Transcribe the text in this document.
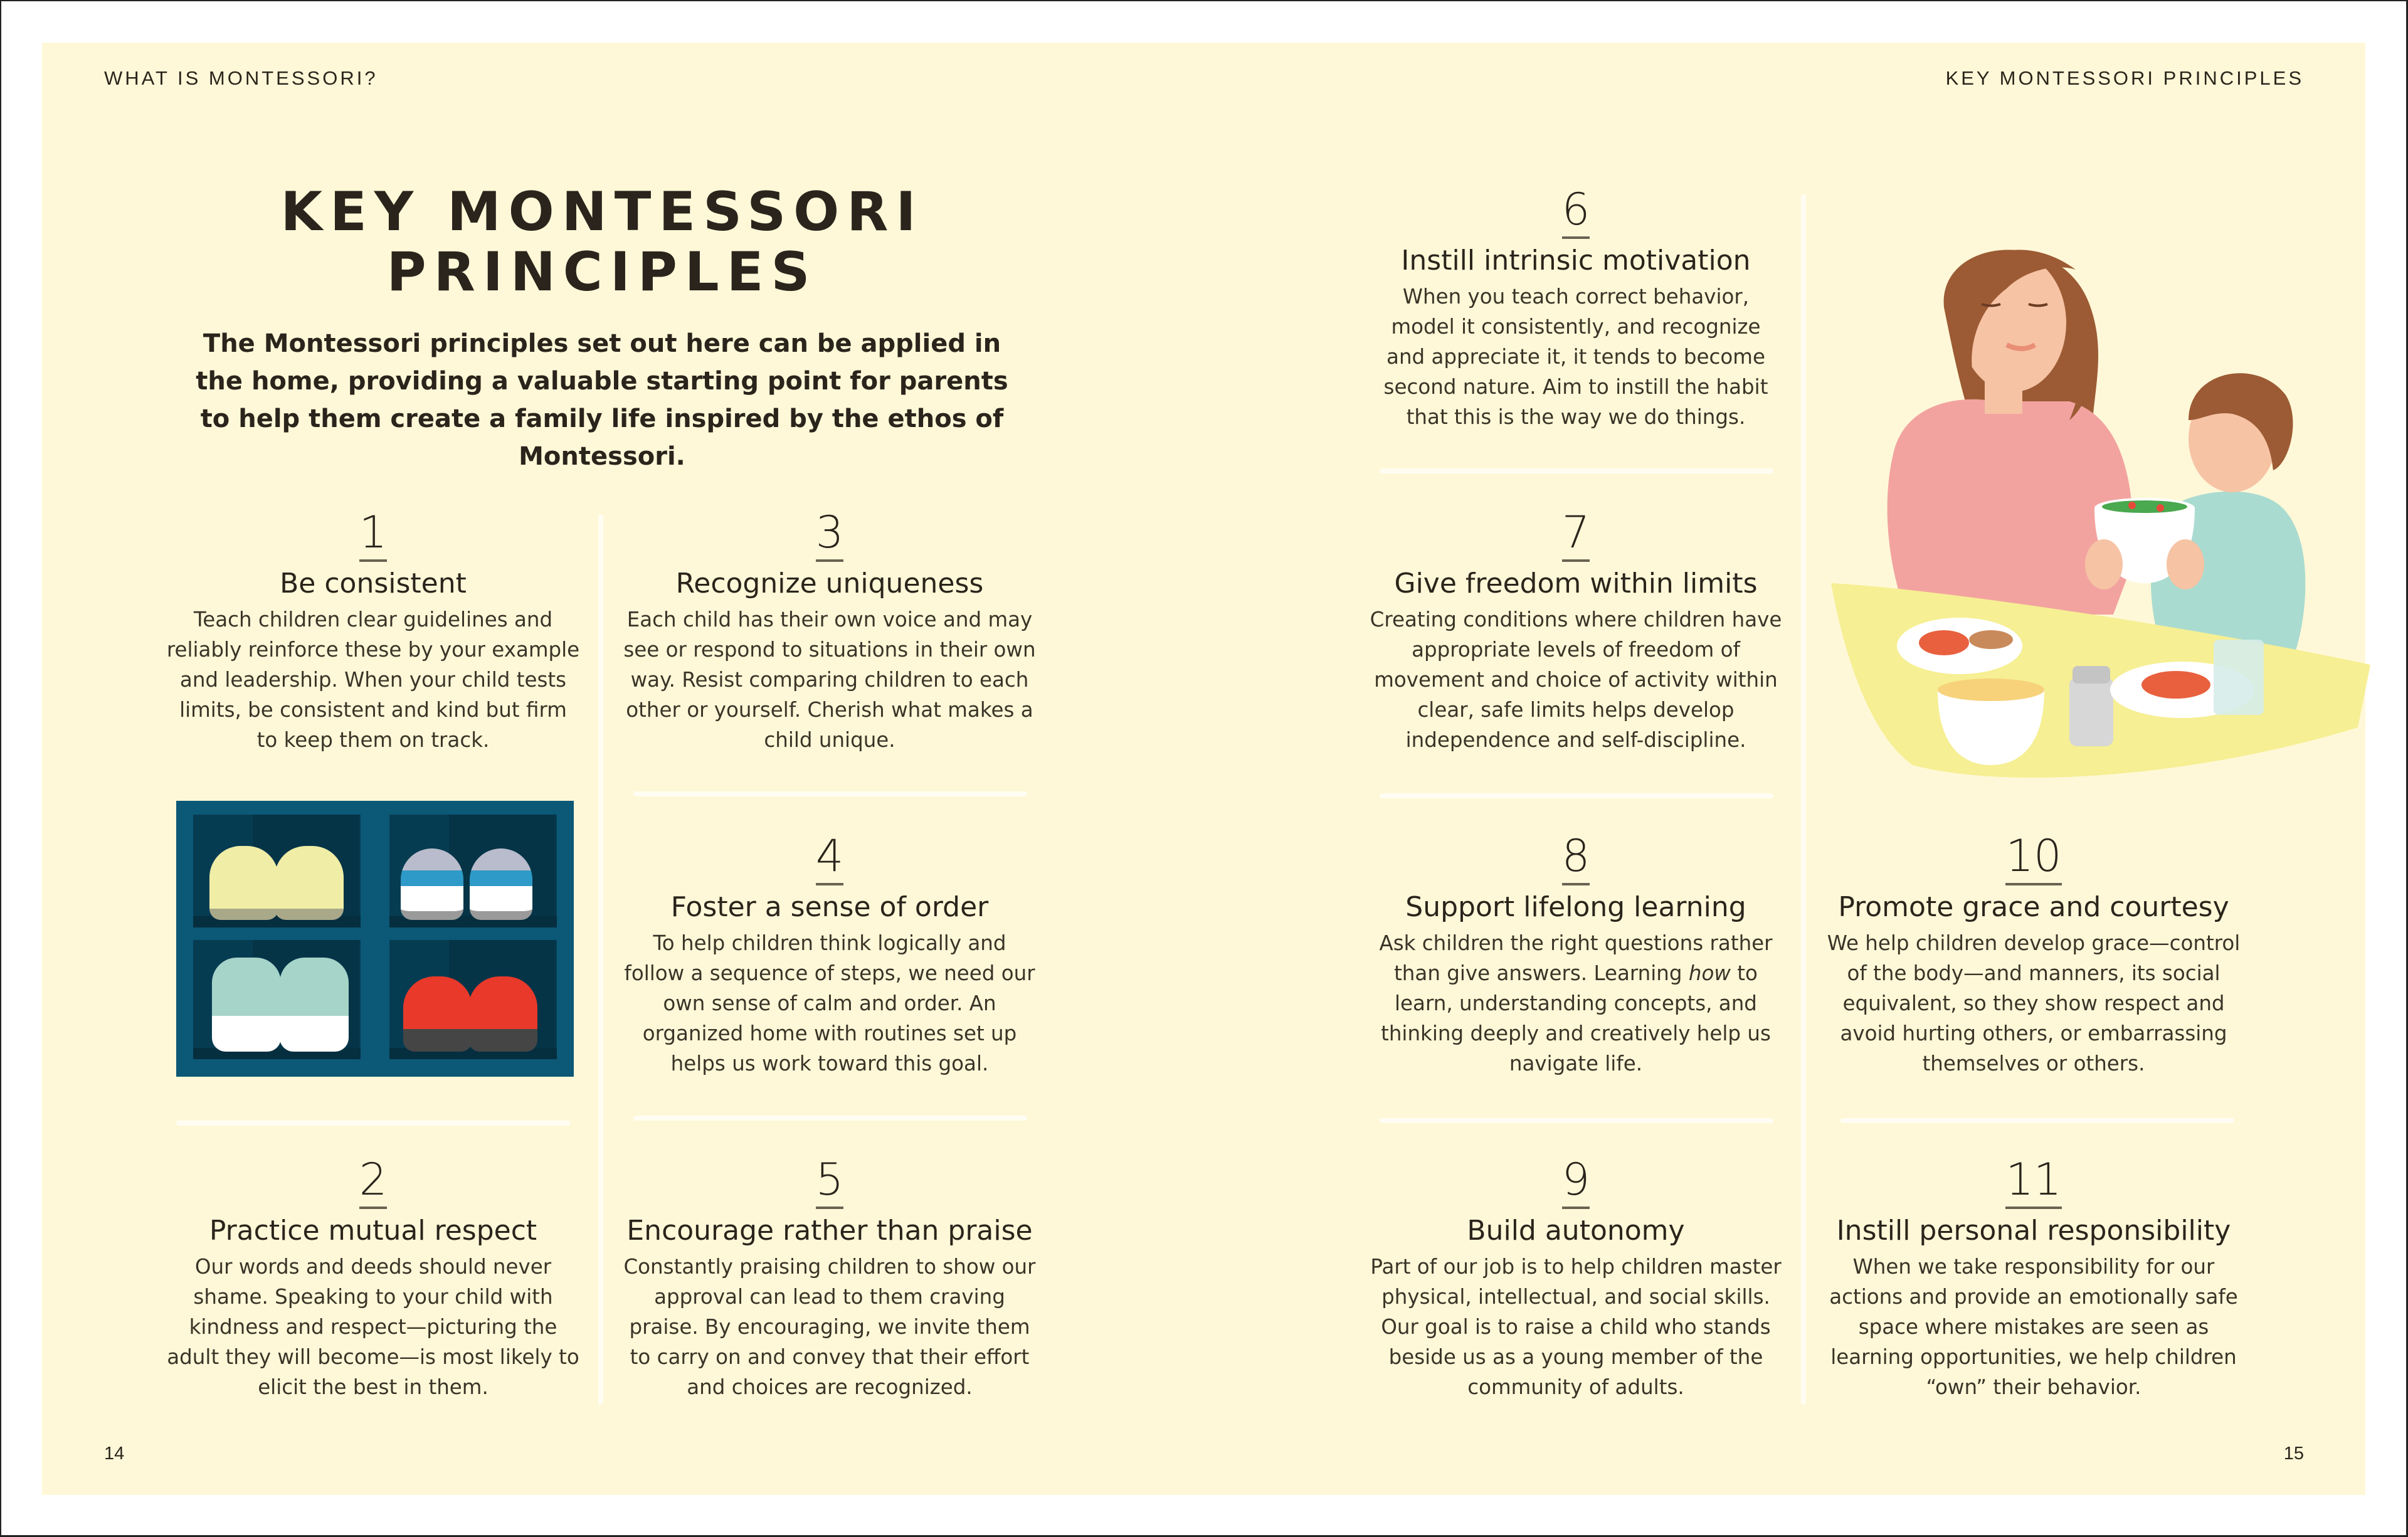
WHAT IS MONTESSORI?	KEY MONTESSORI PRINCIPLES
KEY MONTESSORI
PRINCIPLES
The Montessori principles set out here can be applied in the home, providing a valuable starting point for parents to help them create a family life inspired by the ethos of Montessori.
1
Be consistent
Teach children clear guidelines and reliably reinforce these by your example and leadership. When your child tests limits, be consistent and kind but firm to keep them on track.
2
Practice mutual respect
Our words and deeds should never shame. Speaking to your child with kindness and respect—picturing the adult they will become—is most likely to elicit the best in them.
3
Recognize uniqueness
Each child has their own voice and may see or respond to situations in their own way. Resist comparing children to each other or yourself. Cherish what makes a child unique.
4
Foster a sense of order
To help children think logically and follow a sequence of steps, we need our own sense of calm and order. An organized home with routines set up helps us work toward this goal.
5
Encourage rather than praise
Constantly praising children to show our approval can lead to them craving praise. By encouraging, we invite them to carry on and convey that their effort and choices are recognized.
6
Instill intrinsic motivation
When you teach correct behavior, model it consistently, and recognize and appreciate it, it tends to become second nature. Aim to instill the habit that this is the way we do things.
7
Give freedom within limits
Creating conditions where children have appropriate levels of freedom of movement and choice of activity within clear, safe limits helps develop independence and self-discipline.
8
Support lifelong learning
Ask children the right questions rather than give answers. Learning how to learn, understanding concepts, and thinking deeply and creatively help us navigate life.
9
Build autonomy
Part of our job is to help children master physical, intellectual, and social skills. Our goal is to raise a child who stands beside us as a young member of the community of adults.
10
Promote grace and courtesy
We help children develop grace—control of the body—and manners, its social equivalent, so they show respect and avoid hurting others, or embarrassing themselves or others.
11
Instill personal responsibility
When we take responsibility for our actions and provide an emotionally safe space where mistakes are seen as learning opportunities, we help children “own” their behavior.
14	15
